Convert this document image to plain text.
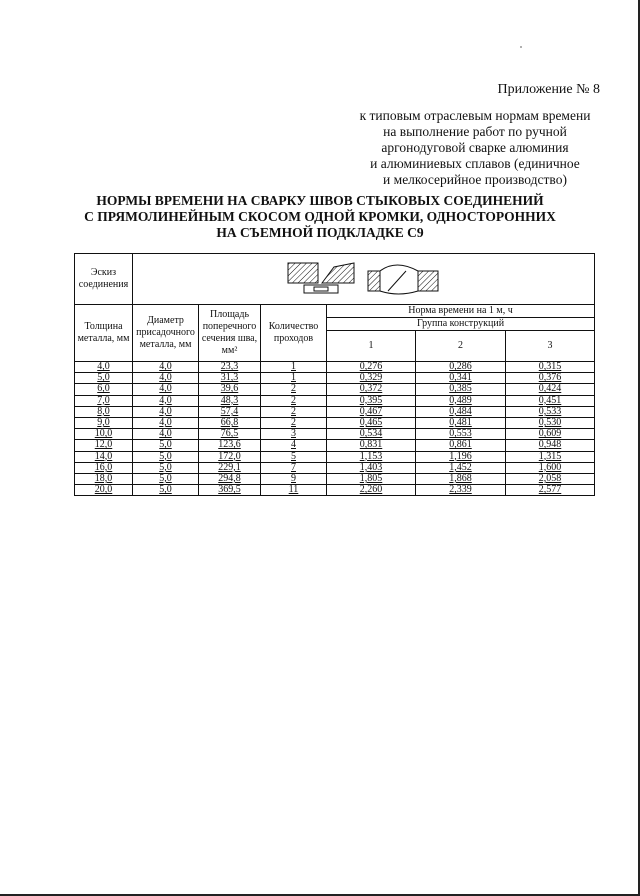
Приложение № 8
к типовым отраслевым нормам времени
на выполнение работ по ручной
аргонодуговой сварке алюминия
и алюминиевых сплавов (единичное
и мелкосерийное производство)
НОРМЫ ВРЕМЕНИ НА СВАРКУ ШВОВ СТЫКОВЫХ СОЕДИНЕНИЙ
С ПРЯМОЛИНЕЙНЫМ СКОСОМ ОДНОЙ КРОМКИ, ОДНОСТОРОННИХ
НА СЪЕМНОЙ ПОДКЛАДКЕ С9
Эскиз соединения	

Толщина металла, мм	Диаметр присадочного металла, мм	Площадь поперечного сечения шва, мм²	Количество проходов	Норма времени на 1 м, ч		
				Группа конструкций		
				1	2	3
4,0	4,0	23,3	1	0,276	0,286	0,315
5,0	4,0	31,3	1	0,329	0,341	0,376
6,0	4,0	39,6	2	0,372	0,385	0,424
7,0	4,0	48,3	2	0,395	0,489	0,451
8,0	4,0	57,4	2	0,467	0,484	0,533
9,0	4,0	66,8	2	0,465	0,481	0,530
10,0	4,0	76,5	3	0,534	0,553	0,609
12,0	5,0	123,6	4	0,831	0,861	0,948
14,0	5,0	172,0	5	1,153	1,196	1,315
16,0	5,0	229,1	7	1,403	1,452	1,600
18,0	5,0	294,8	9	1,805	1,868	2,058
20,0	5,0	369,5	11	2,260	2,339	2,577
